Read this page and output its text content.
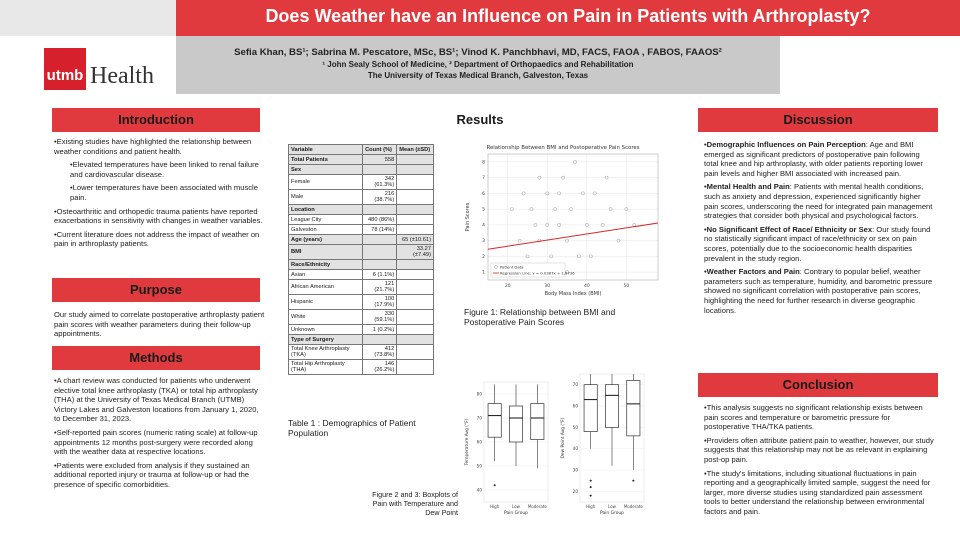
Does Weather have an Influence on Pain in Patients with Arthroplasty?
utmb Health
Sefia Khan, BS¹; Sabrina M. Pescatore, MSc, BS¹; Vinod K. Panchbhavi, MD, FACS, FAOA , FABOS, FAAOS²
¹ John Sealy School of Medicine, ² Department of Orthopaedics and Rehabilitation
The University of Texas Medical Branch, Galveston, Texas
Introduction

•Existing studies have highlighted the relationship between weather conditions and patient health.

•Elevated temperatures have been linked to renal failure and cardiovascular disease.

•Lower temperatures have been associated with muscle pain.

•Osteoarthritic and orthopedic trauma patients have reported exacerbations in sensitivity with changes in weather variables.

•Current literature does not address the impact of weather on pain in arthroplasty patients.

Purpose

Our study aimed to correlate postoperative arthroplasty patient pain scores with weather parameters during their follow-up appointments.

Methods

•A chart review was conducted for patients who underwent elective total knee arthroplasty (TKA) or total hip arthroplasty (THA) at the University of Texas Medical Branch (UTMB) Victory Lakes and Galveston locations from January 1, 2020, to December 31, 2023.

•Self-reported pain scores (numeric rating scale) at follow-up appointments 12 months post-surgery were recorded along with the weather data at respective locations.

•Patients were excluded from analysis if they sustained an additional reported injury or trauma at follow-up or had the presence of specific comorbidities.

Results
Variable	Count (%)	Mean (±SD)
Total Patients	558	
Sex		
Female	342 (61.3%)	
Male	216 (38.7%)	
Location		
League City	480 (86%)	
Galveston	78 (14%)	
Age (years)		65 (±10.61)
BMI		33.27 (±7.49)
Race/Ethnicity		
Asian	6 (1.1%)	
African American	121 (21.7%)	
Hispanic	100 (17.9%)	
White	330 (59.1%)	
Unknown	1 (0.2%)	
Type of Surgery		
Total Knee Arthroplasty (TKA)	412 (73.8%)	
Total Hip Arthroplasty (THA)	146 (26.2%)	
Table 1 : Demographics of Patient Population
Relationship Between BMI and Postoperative Pain Scores
1
2
3
4
5
6
7
8
20	30	40	50
Body Mass Index (BMI)
Pain Scores
Patient Data
Regression Line: y = 0.0387x + 1.8736
Figure 1: Relationship between BMI and Postoperative Pain Scores
40
50
60
70
80
High	Low Moderate
Pain Group
Temperature Avg (°F)
20
30
40
50
60
70
High	Low Moderate
Pain Group
Dew Point Avg (°F)
Figure 2 and 3: Boxplots of Pain with Temperature and Dew Point
Discussion

•Demographic Influences on Pain Perception: Age and BMI emerged as significant predictors of postoperative pain following total knee and hip arthroplasty, with older patients reporting lower pain levels and higher BMI associated with increased pain.

•Mental Health and Pain: Patients with mental health conditions, such as anxiety and depression, experienced significantly higher pain scores, underscoring the need for integrated pain management strategies that consider both physical and psychological factors.

•No Significant Effect of Race/ Ethnicity or Sex: Our study found no statistically significant impact of race/ethnicity or sex on pain scores, potentially due to the socioeconomic health disparities prevalent in the study region.

•Weather Factors and Pain: Contrary to popular belief, weather parameters such as temperature, humidity, and barometric pressure showed no significant correlation with postoperative pain scores, highlighting the need for further research in diverse geographic locations.

Conclusion

•This analysis suggests no significant relationship exists between pain scores and temperature or barometric pressure for postoperative THA/TKA patients.

•Providers often attribute patient pain to weather, however, our study suggests that this relationship may not be as relevant in explaining post-op pain.

•The study's limitations, including situational fluctuations in pain reporting and a geographically limited sample, suggest the need for larger, more diverse studies using standardized pain assessment tools to better understand the relationship between environmental factors and pain.
